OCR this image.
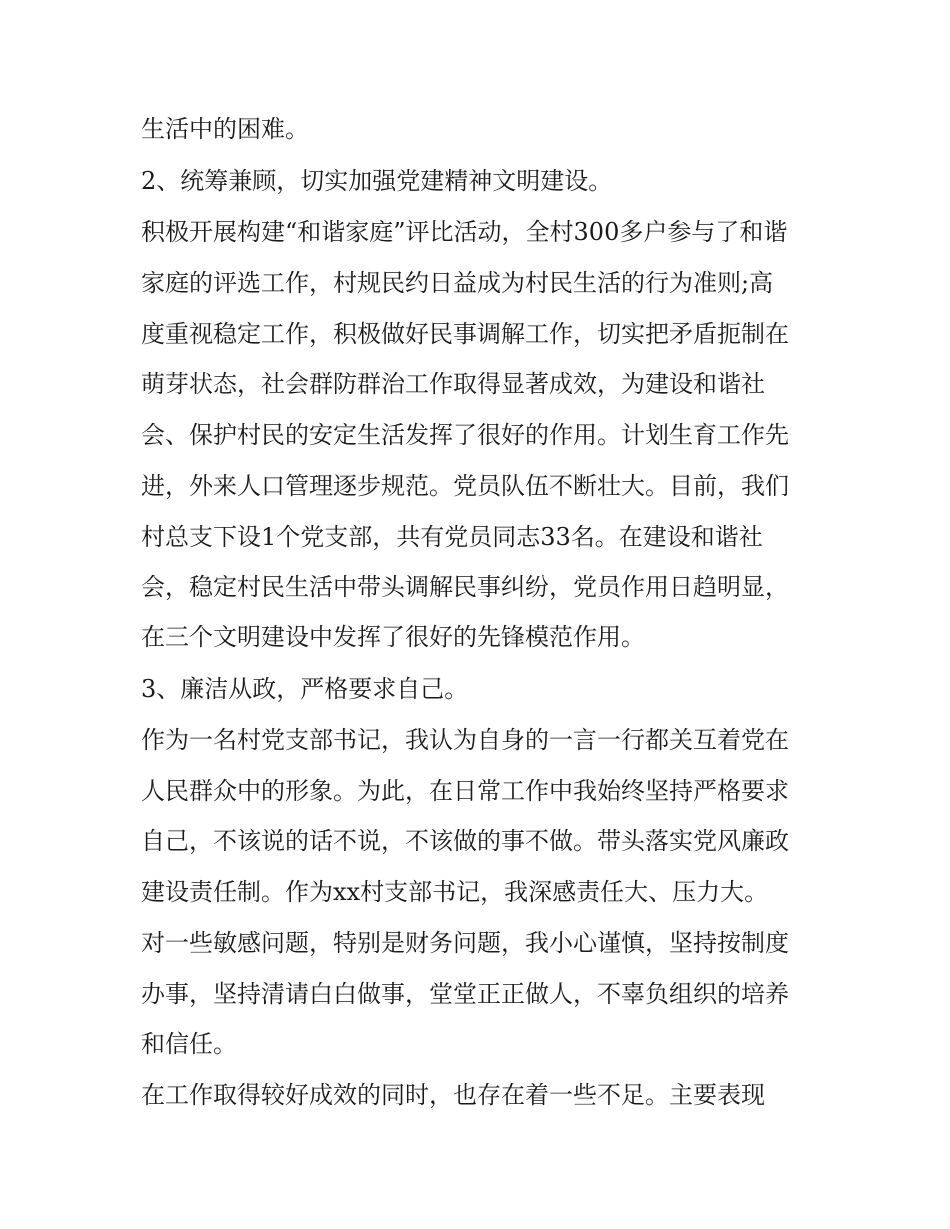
生活中的困难。
2、统筹兼顾，切实加强党建精神文明建设。
积极开展构建“和谐家庭”评比活动，全村300多户参与了和谐
家庭的评选工作，村规民约日益成为村民生活的行为准则;高
度重视稳定工作，积极做好民事调解工作，切实把矛盾扼制在
萌芽状态，社会群防群治工作取得显著成效，为建设和谐社
会、保护村民的安定生活发挥了很好的作用。计划生育工作先
进，外来人口管理逐步规范。党员队伍不断壮大。目前，我们
村总支下设1个党支部，共有党员同志33名。在建设和谐社
会，稳定村民生活中带头调解民事纠纷，党员作用日趋明显，
在三个文明建设中发挥了很好的先锋模范作用。
3、廉洁从政，严格要求自己。
作为一名村党支部书记，我认为自身的一言一行都关互着党在
人民群众中的形象。为此，在日常工作中我始终坚持严格要求
自己，不该说的话不说，不该做的事不做。带头落实党风廉政
建设责任制。作为xx村支部书记，我深感责任大、压力大。
对一些敏感问题，特别是财务问题，我小心谨慎，坚持按制度
办事，坚持清请白白做事，堂堂正正做人，不辜负组织的培养
和信任。
在工作取得较好成效的同时，也存在着一些不足。主要表现
